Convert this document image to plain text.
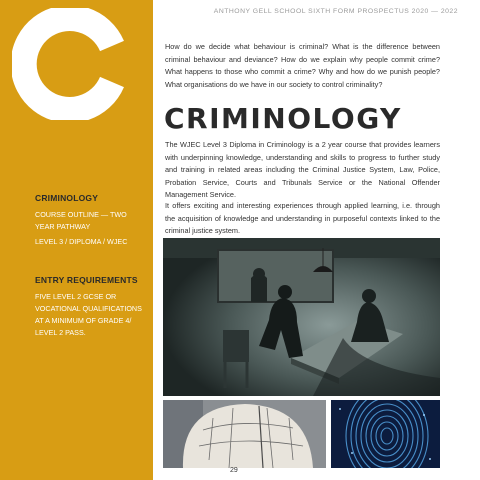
CRIMINOLOGY
COURSE OUTLINE — TWO
YEAR PATHWAY
LEVEL 3 / DIPLOMA / WJEC
ENTRY REQUIREMENTS
FIVE LEVEL 2 GCSE OR
VOCATIONAL QUALIFICATIONS
AT A MINIMUM OF GRADE 4/
LEVEL 2 PASS.
ANTHONY GELL SCHOOL SIXTH FORM PROSPECTUS 2020 — 2022
How do we decide what behaviour is criminal? What is the difference between criminal behaviour and deviance? How do we explain why people commit crime? What happens to those who commit a crime? Why and how do we punish people? What organisations do we have in our society to control criminality?
CRIMINOLOGY
The WJEC Level 3 Diploma in Criminology is a 2 year course that provides learners with underpinning knowledge, understanding and skills to progress to further study and training in related areas including the Criminal Justice System, Law, Police, Probation Service, Courts and Tribunals Service or the National Offender Management Service.
It offers exciting and interesting experiences through applied learning, i.e. through the acquisition of knowledge and understanding in purposeful contexts linked to the criminal justice system.
29
